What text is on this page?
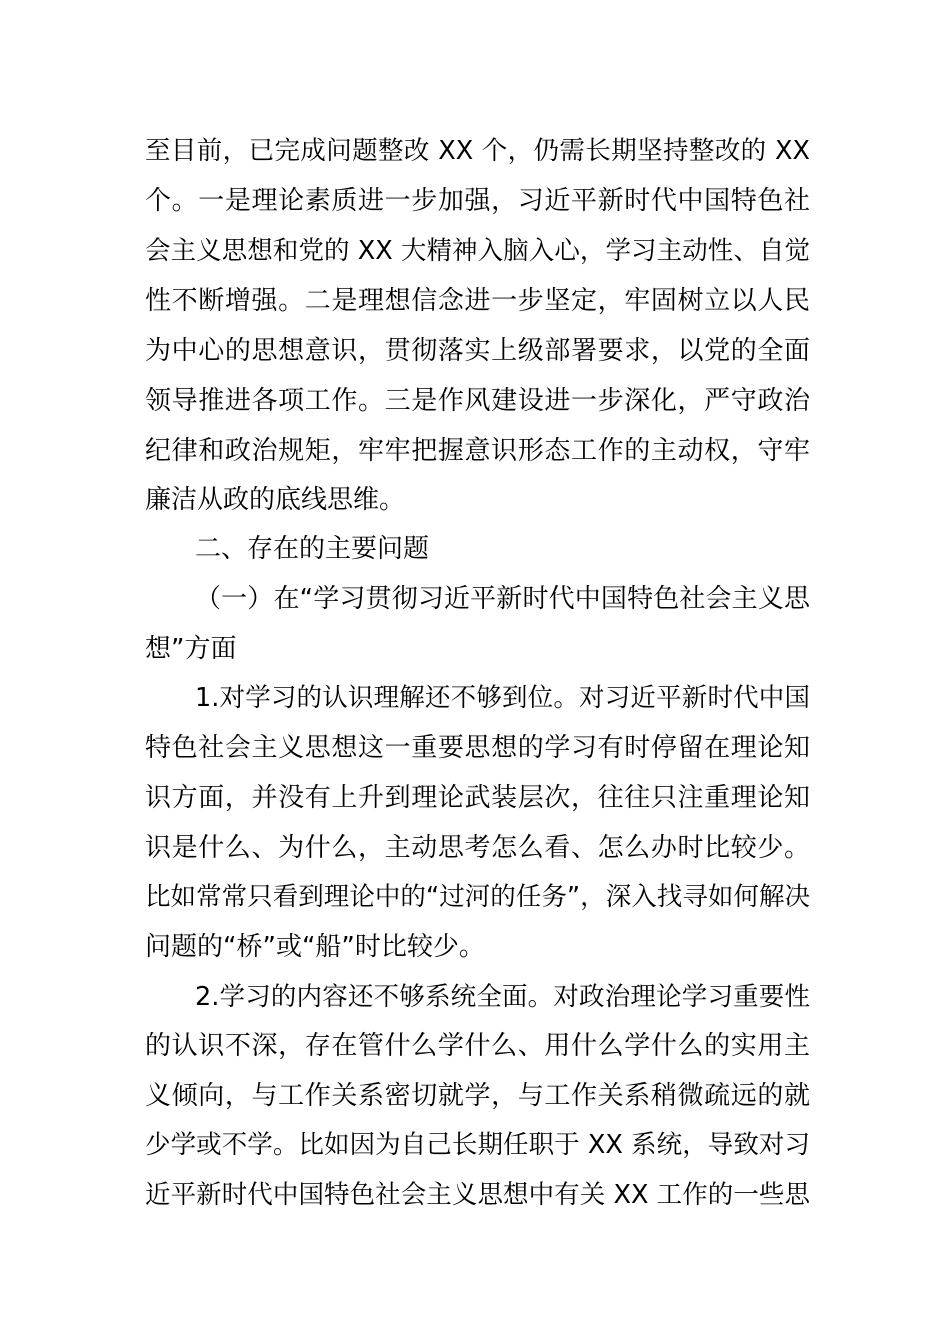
至目前，已完成问题整改 XX 个，仍需长期坚持整改的 XX
个。一是理论素质进一步加强，习近平新时代中国特色社
会主义思想和党的 XX 大精神入脑入心，学习主动性、自觉
性不断增强。二是理想信念进一步坚定，牢固树立以人民
为中心的思想意识，贯彻落实上级部署要求，以党的全面
领导推进各项工作。三是作风建设进一步深化，严守政治
纪律和政治规矩，牢牢把握意识形态工作的主动权，守牢
廉洁从政的底线思维。
二、存在的主要问题
（一）在“学习贯彻习近平新时代中国特色社会主义思
想”方面
1.对学习的认识理解还不够到位。对习近平新时代中国
特色社会主义思想这一重要思想的学习有时停留在理论知
识方面，并没有上升到理论武装层次，往往只注重理论知
识是什么、为什么，主动思考怎么看、怎么办时比较少。
比如常常只看到理论中的“过河的任务”，深入找寻如何解决
问题的“桥”或“船”时比较少。
2.学习的内容还不够系统全面。对政治理论学习重要性
的认识不深，存在管什么学什么、用什么学什么的实用主
义倾向，与工作关系密切就学，与工作关系稍微疏远的就
少学或不学。比如因为自己长期任职于 XX 系统，导致对习
近平新时代中国特色社会主义思想中有关 XX 工作的一些思
